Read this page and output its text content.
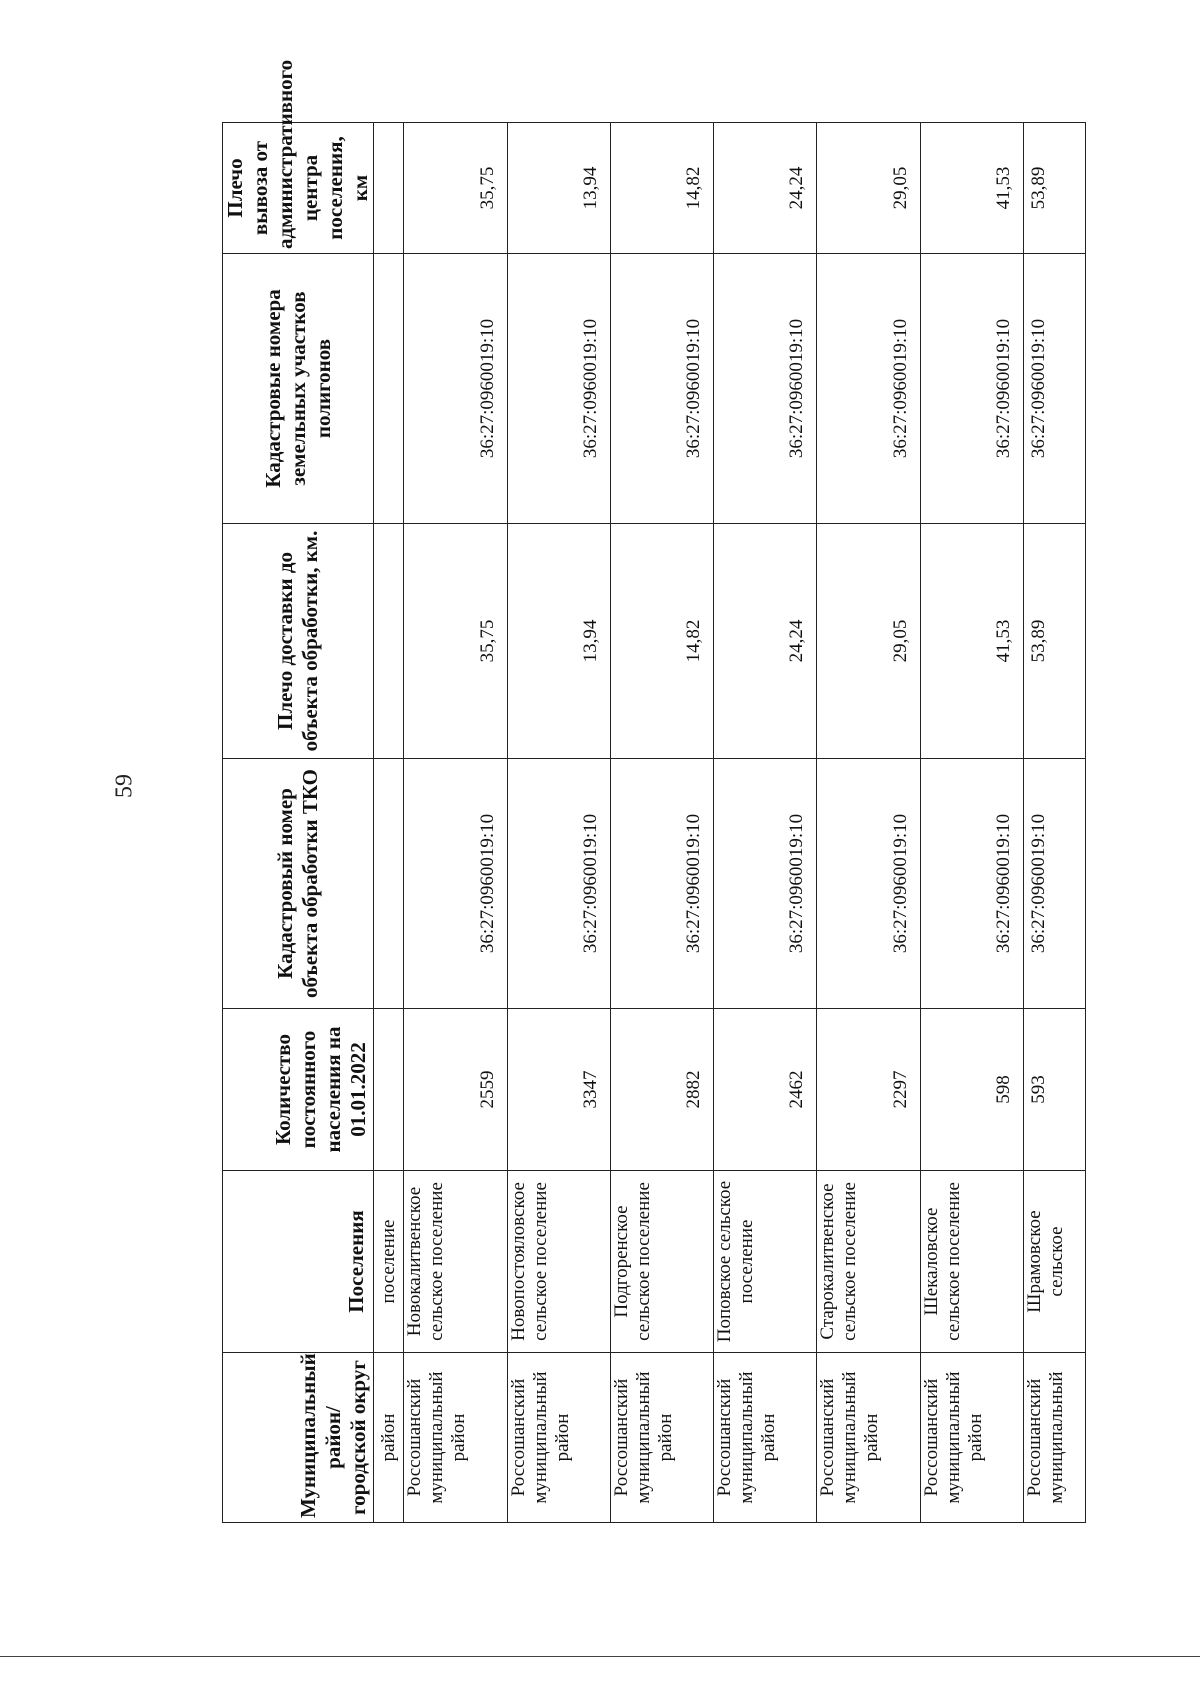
59
Муниципальный район/ городской округ	Поселения	Количество постоянного населения на 01.01.2022	Кадастровый номер объекта обработки ТКО	Плечо доставки до объекта обработки, км.	Кадастровые номера земельных участков полигонов	Плечо вывоза от административного центра поселения, км
район	поселение					
Россошанский муниципальный район	Новокалитвенское сельское поселение	2559	36:27:0960019:10	35,75	36:27:0960019:10	35,75
Россошанский муниципальный район	Новопостояловское сельское поселение	3347	36:27:0960019:10	13,94	36:27:0960019:10	13,94
Россошанский муниципальный район	Подгоренское сельское поселение	2882	36:27:0960019:10	14,82	36:27:0960019:10	14,82
Россошанский муниципальный район	Поповское сельское поселение	2462	36:27:0960019:10	24,24	36:27:0960019:10	24,24
Россошанский муниципальный район	Старокалитвенское сельское поселение	2297	36:27:0960019:10	29,05	36:27:0960019:10	29,05
Россошанский муниципальный район	Шекаловское сельское поселение	598	36:27:0960019:10	41,53	36:27:0960019:10	41,53
Россошанский муниципальный	Шрамовское сельское	593	36:27:0960019:10	53,89	36:27:0960019:10	53,89
